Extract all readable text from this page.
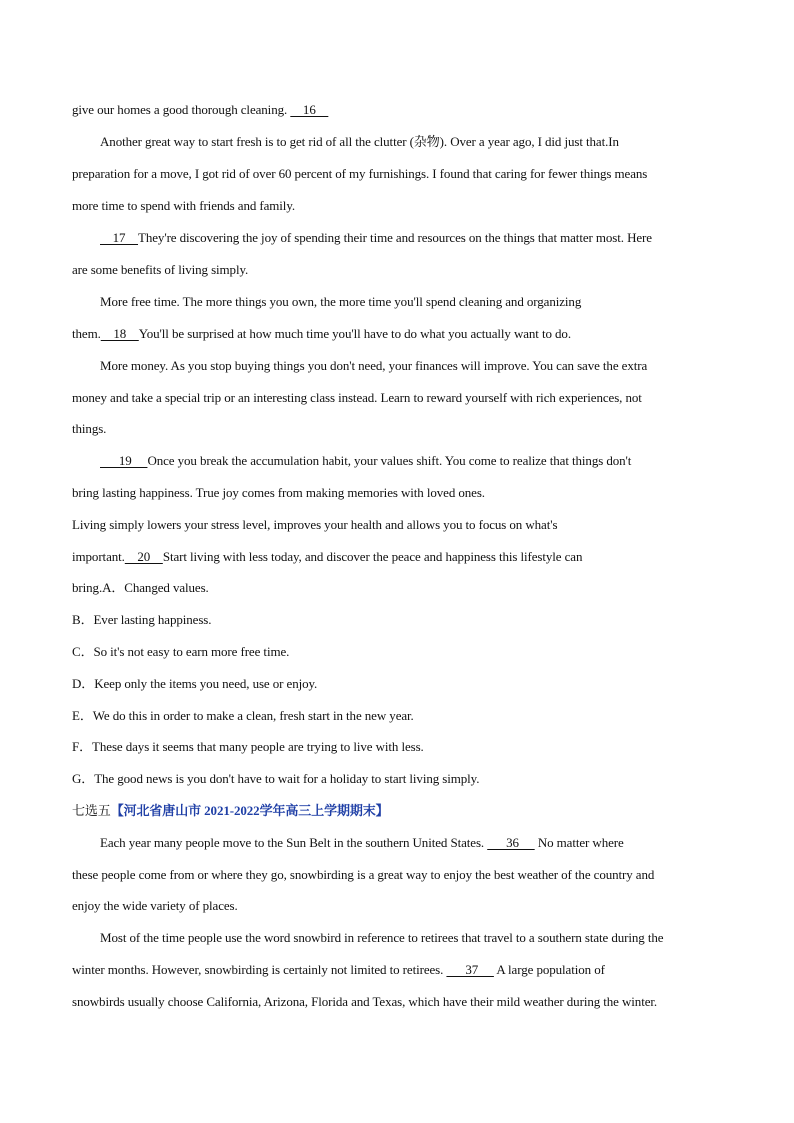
give our homes a good thorough cleaning.     16
Another great way to start fresh is to get rid of all the clutter (杂物). Over a year ago, I did just that.In
preparation for a move, I got rid of over 60 percent of my furnishings. I found that caring for fewer things means
more time to spend with friends and family.
17    They're discovering the joy of spending their time and resources on the things that matter most. Here
are some benefits of living simply.
More free time. The more things you own, the more time you'll spend cleaning and organizing
them.    18    You'll be surprised at how much time you'll have to do what you actually want to do.
More money. As you stop buying things you don't need, your finances will improve. You can save the extra
money and take a special trip or an interesting class instead. Learn to reward yourself with rich experiences, not
things.
19     Once you break the accumulation habit, your values shift. You come to realize that things don't
bring lasting happiness. True joy comes from making memories with loved ones.
Living simply lowers your stress level, improves your health and allows you to focus on what's
important.    20    Start living with less today, and discover the peace and happiness this lifestyle can
bring.A．Changed values.
B．Ever lasting happiness.
C．So it's not easy to earn more free time.
D．Keep only the items you need, use or enjoy.
E．We do this in order to make a clean, fresh start in the new year.
F．These days it seems that many people are trying to live with less.
G．The good news is you don't have to wait for a holiday to start living simply.
七选五【河北省唐山市 2021-2022学年高三上学期期末】
Each year many people move to the Sun Belt in the southern United States.       36      No matter where
these people come from or where they go, snowbirding is a great way to enjoy the best weather of the country and
enjoy the wide variety of places.
Most of the time people use the word snowbird in reference to retirees that travel to a southern state during the
winter months. However, snowbirding is certainly not limited to retirees.       37      A large population of
snowbirds usually choose California, Arizona, Florida and Texas, which have their mild weather during the winter.
